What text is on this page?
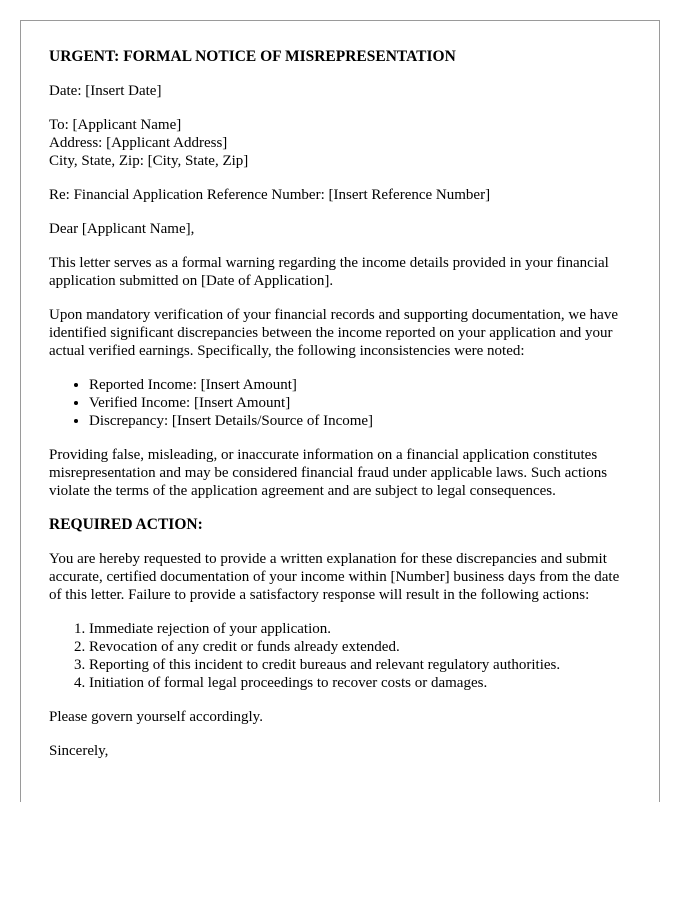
URGENT: FORMAL NOTICE OF MISREPRESENTATION

Date: [Insert Date]

To: [Applicant Name]

Address: [Applicant Address]

City, State, Zip: [City, State, Zip]

Re: Financial Application Reference Number: [Insert Reference Number]

Dear [Applicant Name],

This letter serves as a formal warning regarding the income details provided in your financial application submitted on [Date of Application].

Upon mandatory verification of your financial records and supporting documentation, we have identified significant discrepancies between the income reported on your application and your actual verified earnings. Specifically, the following inconsistencies were noted:

• Reported Income: [Insert Amount]
• Verified Income: [Insert Amount]
• Discrepancy: [Insert Details/Source of Income]

Providing false, misleading, or inaccurate information on a financial application constitutes misrepresentation and may be considered financial fraud under applicable laws. Such actions violate the terms of the application agreement and are subject to legal consequences.

REQUIRED ACTION:

You are hereby requested to provide a written explanation for these discrepancies and submit accurate, certified documentation of your income within [Number] business days from the date of this letter. Failure to provide a satisfactory response will result in the following actions:

1. Immediate rejection of your application.
2. Revocation of any credit or funds already extended.
3. Reporting of this incident to credit bureaus and relevant regulatory authorities.
4. Initiation of formal legal proceedings to recover costs or damages.

Please govern yourself accordingly.

Sincerely,
